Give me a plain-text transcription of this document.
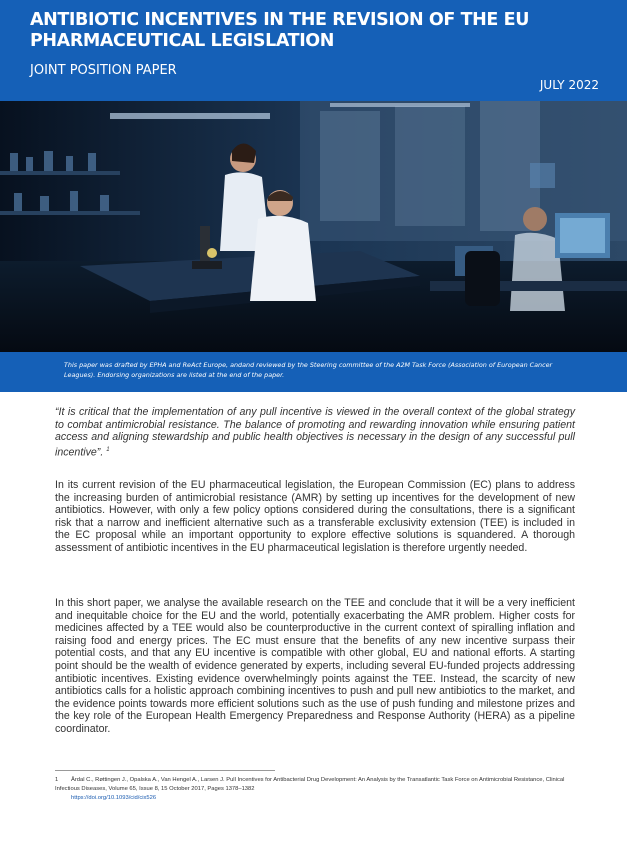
ANTIBIOTIC INCENTIVES IN THE REVISION OF THE EU PHARMACEUTICAL LEGISLATION
JOINT POSITION PAPER
JULY 2022
This paper was drafted by EPHA and ReAct Europe, andand reviewed by the Steering committee of the A2M Task Force (Association of European Cancer Leagues). Endorsing organizations are listed at the end of the paper.

“It is critical that the implementation of any pull incentive is viewed in the overall context of the global strategy to combat antimicrobial resistance. The balance of promoting and rewarding innovation while ensuring patient access and aligning stewardship and public health objectives is necessary in the design of any successful pull incentive”. $^1$

In its current revision of the EU pharmaceutical legislation, the European Commission (EC) plans to address the increasing burden of antimicrobial resistance (AMR) by setting up incentives for the development of new antibiotics. However, with only a few policy options considered during the consultations, there is a significant risk that a narrow and inefficient alternative such as a transferable exclusivity extension (TEE) is included in the EC proposal while an important opportunity to explore effective solutions is squandered. A thorough assessment of antibiotic incentives in the EU pharmaceutical legislation is therefore urgently needed.

In this short paper, we analyse the available research on the TEE and conclude that it will be a very inefficient and inequitable choice for the EU and the world, potentially exacerbating the AMR problem. Higher costs for medicines affected by a TEE would also be counterproductive in the current context of spiralling inflation and raising food and energy prices. The EC must ensure that the benefits of any new incentive surpass their potential costs, and that any EU incentive is compatible with other global, EU and national efforts. A starting point should be the wealth of evidence generated by experts, including several EU-funded projects addressing antibiotic incentives. Existing evidence overwhelmingly points against the TEE. Instead, the scarcity of new antibiotics calls for a holistic approach combining incentives to push and pull new antibiotics to the market, and the evidence points towards more efficient solutions such as the use of push funding and milestone prizes and the key role of the European Health Emergency Preparedness and Response Authority (HERA) as a pipeline coordinator.

1 Årdal C., Røttingen J., Opalska A., Van Hengel A., Larsen J. Pull Incentives for Antibacterial Drug Development: An Analysis by the Transatlantic Task Force on Antimicrobial Resistance, Clinical Infectious Diseases, Volume 65, Issue 8, 15 October 2017, Pages 1378–1382
https://doi.org/10.1093/cid/cix526
